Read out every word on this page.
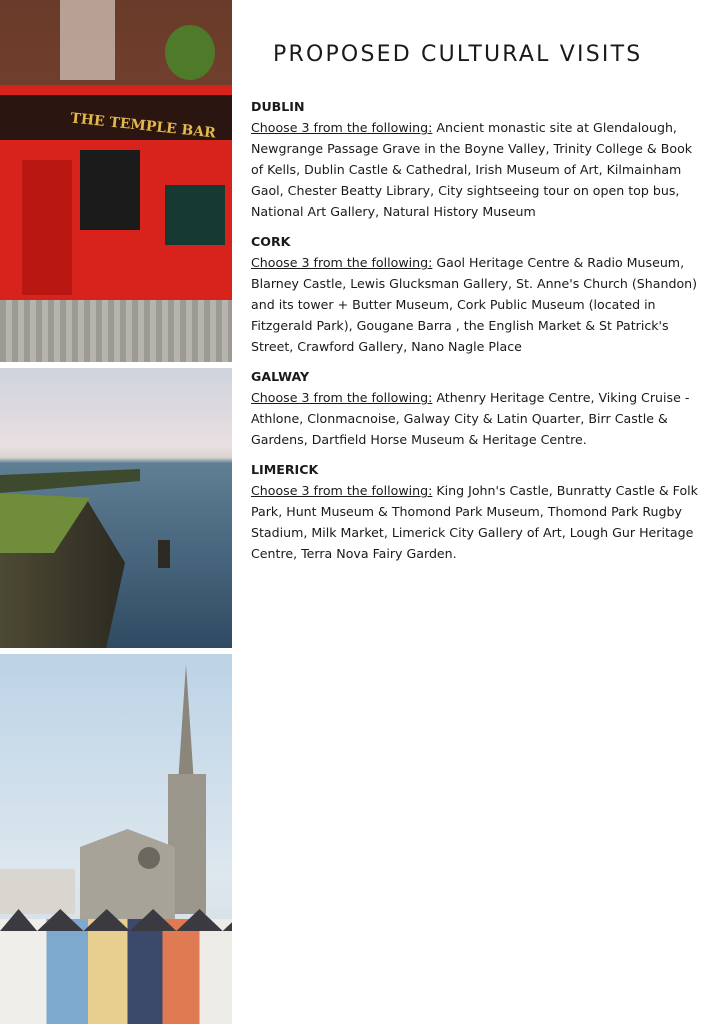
THE TEMPLE BAR
PROPOSED CULTURAL VISITS
DUBLIN

Choose 3 from the following: Ancient monastic site at Glendalough, Newgrange Passage Grave in the Boyne Valley, Trinity College & Book of Kells, Dublin Castle & Cathedral, Irish Museum of Art, Kilmainham Gaol, Chester Beatty Library, City sightseeing tour on open top bus, National Art Gallery, Natural History Museum

CORK

Choose 3 from the following: Gaol Heritage Centre & Radio Museum, Blarney Castle, Lewis Glucksman Gallery, St. Anne's Church (Shandon) and its tower + Butter Museum, Cork Public Museum (located in Fitzgerald Park), Gougane Barra , the English Market & St Patrick's Street, Crawford Gallery, Nano Nagle Place

GALWAY

Choose 3 from the following: Athenry Heritage Centre, Viking Cruise - Athlone, Clonmacnoise, Galway City & Latin Quarter, Birr Castle & Gardens, Dartfield Horse Museum & Heritage Centre.

LIMERICK

Choose 3 from the following: King John's Castle, Bunratty Castle & Folk Park, Hunt Museum & Thomond Park Museum, Thomond Park Rugby Stadium, Milk Market, Limerick City Gallery of Art, Lough Gur Heritage Centre, Terra Nova Fairy Garden.
